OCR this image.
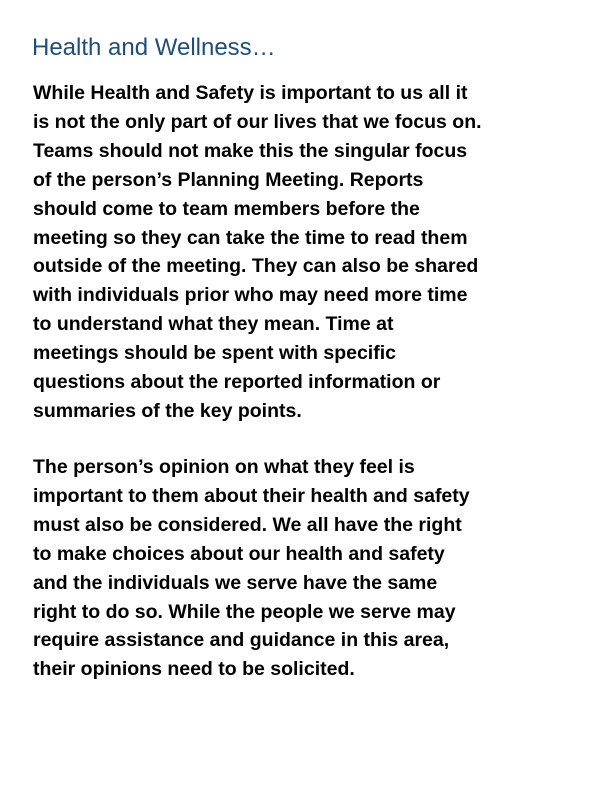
Health and Wellness…

While Health and Safety is important to us all it
is not the only part of our lives that we focus on.
Teams should not make this the singular focus
of the person’s Planning Meeting. Reports
should come to team members before the
meeting so they can take the time to read them
outside of the meeting. They can also be shared
with individuals prior who may need more time
to understand what they mean. Time at
meetings should be spent with specific
questions about the reported information or
summaries of the key points.

The person’s opinion on what they feel is
important to them about their health and safety
must also be considered. We all have the right
to make choices about our health and safety
and the individuals we serve have the same
right to do so. While the people we serve may
require assistance and guidance in this area,
their opinions need to be solicited.
